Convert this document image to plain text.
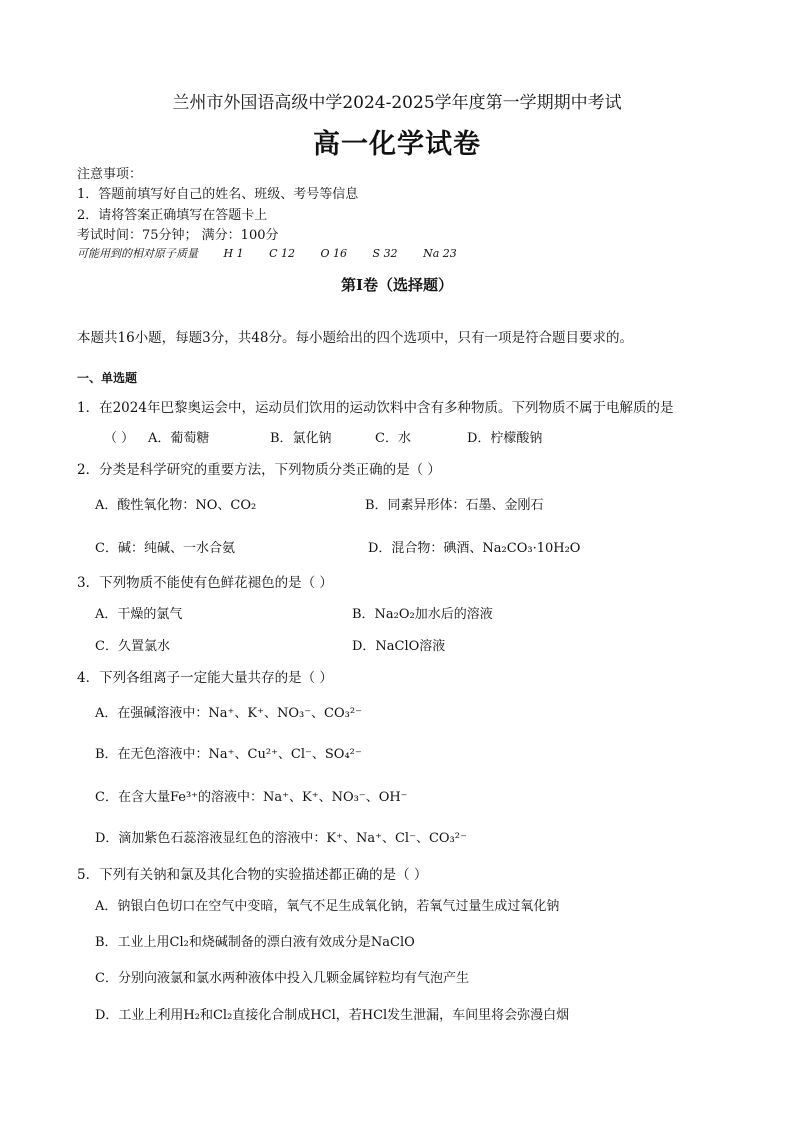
兰州市外国语高级中学2024-2025学年度第一学期期中考试
高一化学试卷
注意事项：
1．答题前填写好自己的姓名、班级、考号等信息
2．请将答案正确填写在答题卡上
考试时间：75分钟； 满分：100分
可能用到的相对原子质量 H 1 C 12 O 16 S 32 Na 23
第Ⅰ卷（选择题）
本题共16小题，每题3分，共48分。每小题给出的四个选项中，只有一项是符合题目要求的。
一、单选题
1．在2024年巴黎奥运会中，运动员们饮用的运动饮料中含有多种物质。下列物质不属于电解质的是
（ ） A．葡萄糖	B．氯化钠	C．水	D．柠檬酸钠
2．分类是科学研究的重要方法，下列物质分类正确的是（ ）
A．酸性氧化物：NO、CO₂	B．同素异形体：石墨、金刚石
C．碱：纯碱、一水合氨	D．混合物：碘酒、Na₂CO₃·10H₂O
3．下列物质不能使有色鲜花褪色的是（ ）
A．干燥的氯气	B．Na₂O₂加水后的溶液
C．久置氯水	D．NaClO溶液
4．下列各组离子一定能大量共存的是（ ）
A．在强碱溶液中：Na⁺、K⁺、NO₃⁻、CO₃²⁻
B．在无色溶液中：Na⁺、Cu²⁺、Cl⁻、SO₄²⁻
C．在含大量Fe³⁺的溶液中：Na⁺、K⁺、NO₃⁻、OH⁻
D．滴加紫色石蕊溶液显红色的溶液中：K⁺、Na⁺、Cl⁻、CO₃²⁻
5．下列有关钠和氯及其化合物的实验描述都正确的是（ ）
A．钠银白色切口在空气中变暗，氧气不足生成氧化钠，若氧气过量生成过氧化钠
B．工业上用Cl₂和烧碱制备的漂白液有效成分是NaClO
C．分别向液氯和氯水两种液体中投入几颗金属锌粒均有气泡产生
D．工业上利用H₂和Cl₂直接化合制成HCl，若HCl发生泄漏，车间里将会弥漫白烟
